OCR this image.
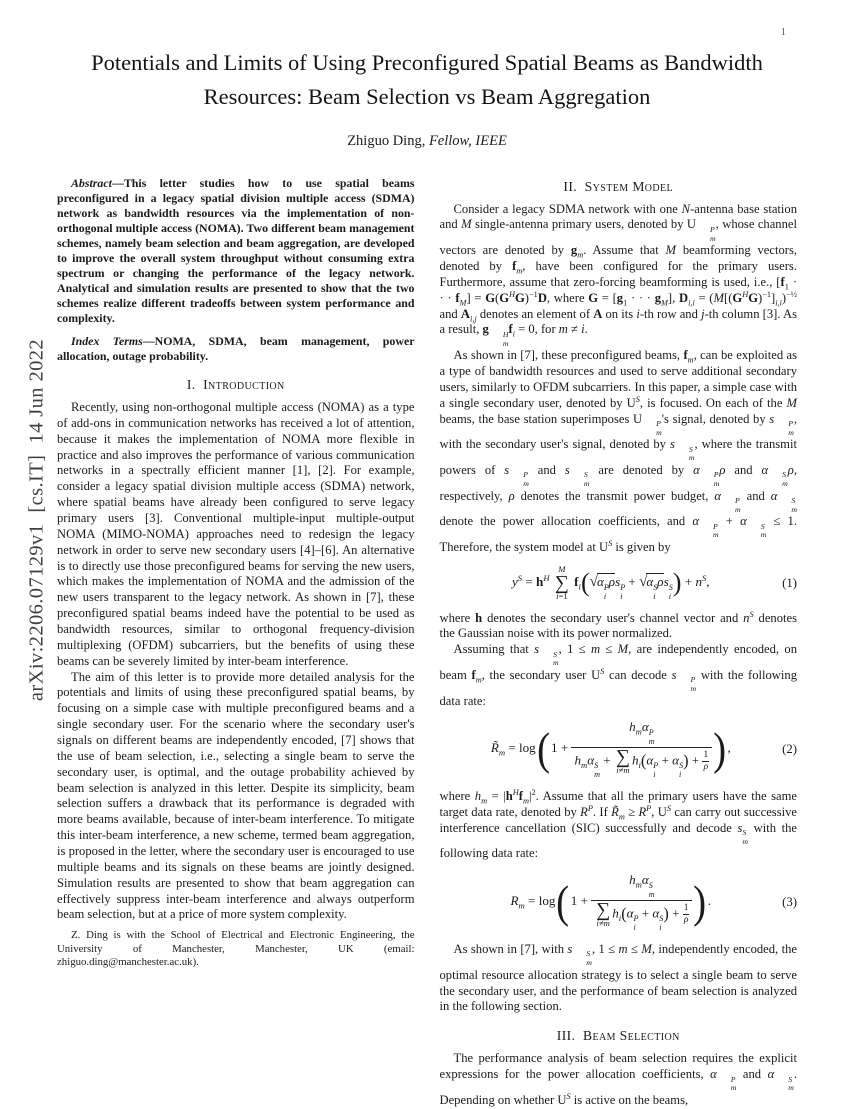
1
arXiv:2206.07129v1  [cs.IT]  14 Jun 2022
Potentials and Limits of Using Preconfigured Spatial Beams as Bandwidth Resources: Beam Selection vs Beam Aggregation
Zhiguo Ding, Fellow, IEEE

Abstract—This letter studies how to use spatial beams preconfigured in a legacy spatial division multiple access (SDMA) network as bandwidth resources via the implementation of non-orthogonal multiple access (NOMA). Two different beam management schemes, namely beam selection and beam aggregation, are developed to improve the overall system throughput without consuming extra spectrum or changing the performance of the legacy network. Analytical and simulation results are presented to show that the two schemes realize different tradeoffs between system performance and complexity.

Index Terms—NOMA, SDMA, beam management, power allocation, outage probability.

I.  Introduction

Recently, using non-orthogonal multiple access (NOMA) as a type of add-ons in communication networks has received a lot of attention, because it makes the implementation of NOMA more flexible in practice and also improves the performance of various communication networks in a spectrally efficient manner [1], [2]. For example, consider a legacy spatial division multiple access (SDMA) network, where spatial beams have already been configured to serve legacy primary users [3]. Conventional multiple-input multiple-output NOMA (MIMO-NOMA) approaches need to redesign the legacy network in order to serve new secondary users [4]–[6]. An alternative is to directly use those preconfigured beams for serving the new users, which makes the implementation of NOMA and the admission of the new users transparent to the legacy network. As shown in [7], these preconfigured spatial beams indeed have the potential to be used as bandwidth resources, similar to orthogonal frequency-division multiplexing (OFDM) subcarriers, but the benefits of using these beams can be severely limited by inter-beam interference.

The aim of this letter is to provide more detailed analysis for the potentials and limits of using these preconfigured spatial beams, by focusing on a simple case with multiple preconfigured beams and a single secondary user. For the scenario where the secondary user's signals on different beams are independently encoded, [7] shows that the use of beam selection, i.e., selecting a single beam to serve the secondary user, is optimal, and the outage probability achieved by beam selection is analyzed in this letter. Despite its simplicity, beam selection suffers a drawback that its performance is degraded with more beams available, because of inter-beam interference. To mitigate this inter-beam interference, a new scheme, termed beam aggregation, is proposed in the letter, where the secondary user is encouraged to use multiple beams and its signals on these beams are jointly designed. Simulation results are presented to show that beam aggregation can effectively suppress inter-beam interference and always outperform beam selection, but at a price of more system complexity.

Z. Ding is with the School of Electrical and Electronic Engineering, the University of Manchester, Manchester, UK (email: zhiguo.ding@manchester.ac.uk).

II.  System Model

Consider a legacy SDMA network with one N-antenna base station and M single-antenna primary users, denoted by U	P
m
, whose channel vectors are denoted by $g_m$. Assume that M beamforming vectors, denoted by $f_m$, have been configured for the primary users. Furthermore, assume that zero-forcing beamforming is used, i.e., [$f_1$ · · · $f_M] = G(G^HG)^{-1}D$, where $G = [g_1$ · · · $g_M$], $D_{i,i} = (M[(G^HG)^{-1}]_{i,i})^{-\frac{1}{2}}$ and $A_{i,j}$ denotes an element of A on its i-th row and j-th column [3]. As a result, g	H
m
$f_i = 0$, for m ≠ i.

As shown in [7], these preconfigured beams, $f_m$, can be exploited as a type of bandwidth resources and used to serve additional secondary users, similarly to OFDM subcarriers. In this paper, a simple case with a single secondary user, denoted by $U^S$, is focused. On each of the M beams, the base station superimposes U	P
m
's signal, denoted by s	P
m
, with the secondary user's signal, denoted by s	S
m
, where the transmit powers of s	P
m
and s	S
m
are denoted by α	P
m
ρ and α	S
m
ρ, respectively, ρ denotes the transmit power budget, α	P
m
and α	S
m
denote the power allocation coefficients, and α	P
m
+ α	S
m
≤ 1. Therefore, the system model at $U^S$ is given by

$y^S = h^H$
M
∑
i=1
$f_i(√\alpha$ P
i
ρs P
i
+ √α S
i
ρs S
i ) + $n^S$,	(1)

where h denotes the secondary user's channel vector and $n^S$ denotes the Gaussian noise with its power normalized.

Assuming that s	S
m
, 1 ≤ m ≤ M, are independently encoded, on beam $f_m$, the secondary user $U^S$ can decode s	P
m
with the following data rate:

$R̃_m = \log(1 + h_m\alpha$ P
m
$h_m\alpha$ S
m
+ ∑
i≠m
$h_i(\alpha$ P
i
+ α S
i
) + $\frac{1}{\rho}$ ),	(2)

where $h_m = |h^Hf_m|^2$. Assume that all the primary users have the same target data rate, denoted by $R^P$. If $R̃_m \ge R^P$, $U^S$ can carry out successive interference cancellation (SIC) successfully and decode s S
m
with the following data rate:

$R_m = \log(1 + h_m\alpha$ S
m
∑
i≠m
$h_i(\alpha$ P
i
+ α S
i
) + $\frac{1}{\rho}$ ).	(3)

As shown in [7], with s	S
m
, 1 ≤ m ≤ M, independently encoded, the optimal resource allocation strategy is to select a single beam to serve the secondary user, and the performance of beam selection is analyzed in the following section.

III.  Beam Selection

The performance analysis of beam selection requires the explicit expressions for the power allocation coefficients, α	P
m
and α	S
m
. Depending on whether $U^S$ is active on the beams,
